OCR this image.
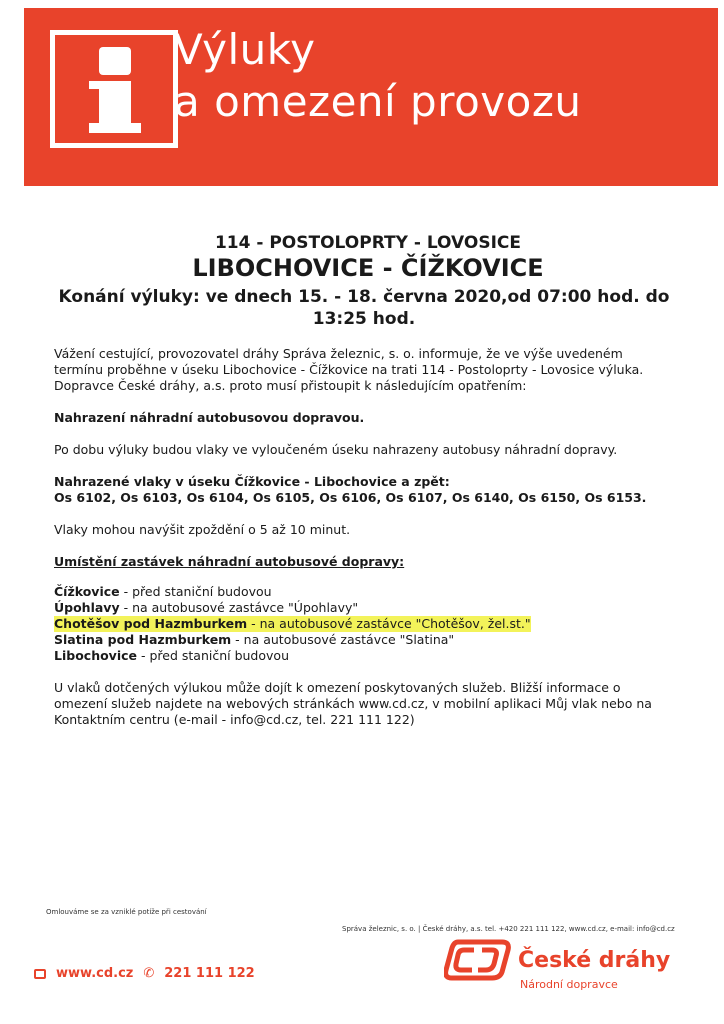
Výluky
a omezení provozu
114 - POSTOLOPRTY - LOVOSICE
LIBOCHOVICE - ČÍŽKOVICE
Konání výluky: ve dnech 15. - 18. června 2020,od 07:00 hod. do
13:25 hod.

Vážení cestující, provozovatel dráhy Správa železnic, s. o. informuje, že ve výše uvedeném termínu proběhne v úseku Libochovice - Čížkovice na trati 114 - Postoloprty - Lovosice výluka. Dopravce České dráhy, a.s. proto musí přistoupit k následujícím opatřením:

Nahrazení náhradní autobusovou dopravou.

Po dobu výluky budou vlaky ve vyloučeném úseku nahrazeny autobusy náhradní dopravy.

Nahrazené vlaky v úseku Čížkovice - Libochovice a zpět:
Os 6102, Os 6103, Os 6104, Os 6105, Os 6106, Os 6107, Os 6140, Os 6150, Os 6153.

Vlaky mohou navýšit zpoždění o 5 až 10 minut.

Umístění zastávek náhradní autobusové dopravy:

Čížkovice - před staniční budovou
Úpohlavy - na autobusové zastávce "Úpohlavy"
Chotěšov pod Hazmburkem - na autobusové zastávce "Chotěšov, žel.st."
Slatina pod Hazmburkem - na autobusové zastávce "Slatina"
Libochovice - před staniční budovou

U vlaků dotčených výlukou může dojít k omezení poskytovaných služeb. Bližší informace o omezení služeb najdete na webových stránkách www.cd.cz, v mobilní aplikaci Můj vlak nebo na Kontaktním centru (e-mail - info@cd.cz, tel. 221 111 122)

Omlouváme se za vzniklé potíže při cestování
Správa železnic, s. o. | České dráhy, a.s. tel. +420 221 111 122, www.cd.cz, e-mail: info@cd.cz
www.cd.cz ✆ 221 111 122
České dráhy
Národní dopravce
